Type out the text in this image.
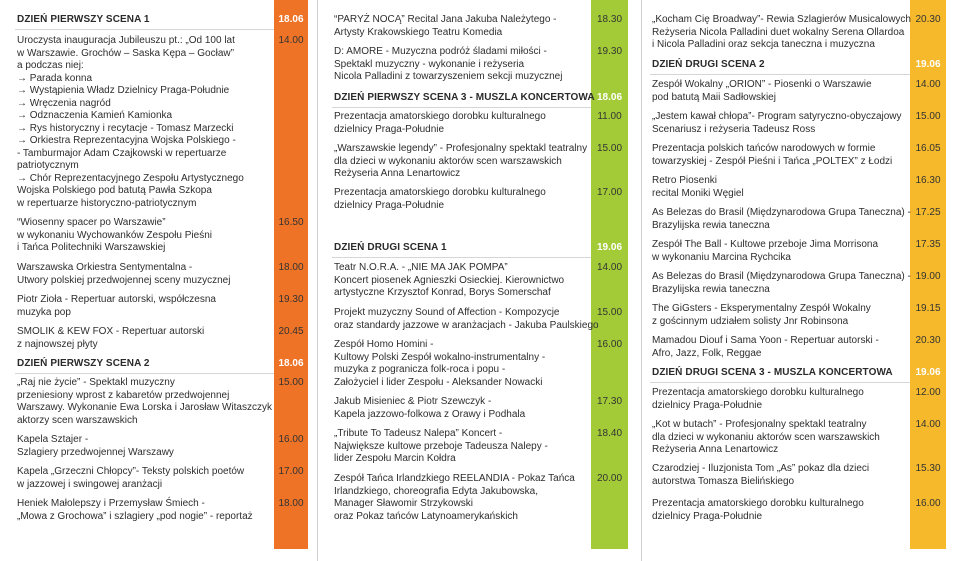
DZIEŃ PIERWSZY SCENA 1	18.06
Uroczysta inauguracja Jubileuszu pt.: „Od 100 lat
w Warszawie. Grochów – Saska Kępa – Gocław”
a podczas niej:
→ Parada konna
→ Wystąpienia Władz Dzielnicy Praga-Południe
→ Wręczenia nagród
→ Odznaczenia Kamień Kamionka
→ Rys historyczny i recytacje - Tomasz Marzecki
→ Orkiestra Reprezentacyjna Wojska Polskiego -
- Tamburmajor Adam Czajkowski w repertuarze
patriotycznym
→ Chór Reprezentacyjnego Zespołu Artystycznego
Wojska Polskiego pod batutą Pawła Szkopa
w repertuarze historyczno-patriotycznym
14.00
“Wiosenny spacer po Warszawie”
w wykonaniu Wychowanków Zespołu Pieśni
i Tańca Politechniki Warszawskiej
16.50
Warszawska Orkiestra Sentymentalna -
Utwory polskiej przedwojennej sceny muzycznej
18.00
Piotr Zioła - Repertuar autorski, współczesna
muzyka pop
19.30
SMOLIK & KEW FOX - Repertuar autorski
z najnowszej płyty
20.45
DZIEŃ PIERWSZY SCENA 2	18.06
„Raj nie życie” - Spektakl muzyczny
przeniesiony wprost z kabaretów przedwojennej
Warszawy. Wykonanie Ewa Lorska i Jarosław Witaszczyk
aktorzy scen warszawskich
15.00
Kapela Sztajer -
Szlagiery przedwojennej Warszawy
16.00
Kapela „Grzeczni Chłopcy”- Teksty polskich poetów
w jazzowej i swingowej aranżacji
17.00
Heniek Małolepszy i Przemysław Śmiech -
„Mowa z Grochowa” i szlagiery „pod nogie” - reportaż
18.00
“PARYŻ NOCĄ” Recital Jana Jakuba Należytego -
Artysty Krakowskiego Teatru Komedia
18.30
D: AMORE - Muzyczna podróż śladami miłości -
Spektakl muzyczny - wykonanie i reżyseria
Nicola Palladini z towarzyszeniem sekcji muzycznej
19.30
DZIEŃ PIERWSZY SCENA 3 - MUSZLA KONCERTOWA 18.06
Prezentacja amatorskiego dorobku kulturalnego
dzielnicy Praga-Południe
11.00
„Warszawskie legendy” - Profesjonalny spektakl teatralny
dla dzieci w wykonaniu aktorów scen warszawskich
Reżyseria Anna Lenartowicz
15.00
Prezentacja amatorskiego dorobku kulturalnego
dzielnicy Praga-Południe
17.00
DZIEŃ DRUGI SCENA 1	19.06
Teatr N.O.R.A. - „NIE MA JAK POMPA”
Koncert piosenek Agnieszki Osieckiej. Kierownictwo
artystyczne Krzysztof Konrad, Borys Somerschaf
14.00
Projekt muzyczny Sound of Affection - Kompozycje
oraz standardy jazzowe w aranżacjach - Jakuba Paulskiego
15.00
Zespół Homo Homini -
Kultowy Polski Zespół wokalno-instrumentalny -
muzyka z pogranicza folk-rocа i popu -
Założyciel i lider Zespołu - Aleksander Nowacki
16.00
Jakub Misieniec & Piotr Szewczyk -
Kapela jazzowo-folkowa z Orawy i Podhala
17.30
„Tribute To Tadeusz Nalepa” Koncert -
Największe kultowe przeboje Tadeusza Nalepy -
lider Zespołu Marcin Kołdra
18.40
Zespół Tańca Irlandzkiego REELANDIA - Pokaz Tańca
Irlandzkiego, choreografia Edyta Jakubowska,
Manager Sławomir Strzykowski
oraz Pokaz tańców Latynoamerykańskich
20.00
„Kocham Cię Broadway”- Rewia Szlagierów Musicalowych
Reżyseria Nicola Palladini duet wokalny Serena Ollardoa
i Nicola Palladini oraz sekcja taneczna i muzyczna
20.30
DZIEŃ DRUGI SCENA 2	19.06
Zespół Wokalny „ORION” - Piosenki o Warszawie
pod batutą Maii Sadłowskiej
14.00
„Jestem kawał chłopa”- Program satyryczno-obyczajowy
Scenariusz i reżyseria Tadeusz Ross
15.00
Prezentacja polskich tańców narodowych w formie
towarzyskiej - Zespół Pieśni i Tańca „POLTEX” z Łodzi
16.05
Retro Piosenki
recital Moniki Węgiel
16.30
As Belezas do Brasil (Międzynarodowa Grupa Taneczna) -
Brazylijska rewia taneczna
17.25
Zespół The Ball - Kultowe przeboje Jima Morrisona
w wykonaniu Marcina Rychcika
17.35
As Belezas do Brasil (Międzynarodowa Grupa Taneczna) -
Brazylijska rewia taneczna
19.00
The GiGsters - Eksperymentalny Zespół Wokalny
z gościnnym udziałem solisty Jnr Robinsona
19.15
Mamadou Diouf i Sama Yoon - Repertuar autorski -
Afro, Jazz, Folk, Reggae
20.30
DZIEŃ DRUGI SCENA 3 - MUSZLA KONCERTOWA	19.06
Prezentacja amatorskiego dorobku kulturalnego
dzielnicy Praga-Południe
12.00
„Kot w butach” - Profesjonalny spektakl teatralny
dla dzieci w wykonaniu aktorów scen warszawskich
Reżyseria Anna Lenartowicz
14.00
Czarodziej - Iluzjonista Tom „As” pokaz dla dzieci
autorstwa Tomasza Bielińskiego
15.30
Prezentacja amatorskiego dorobku kulturalnego
dzielnicy Praga-Południe
16.00
